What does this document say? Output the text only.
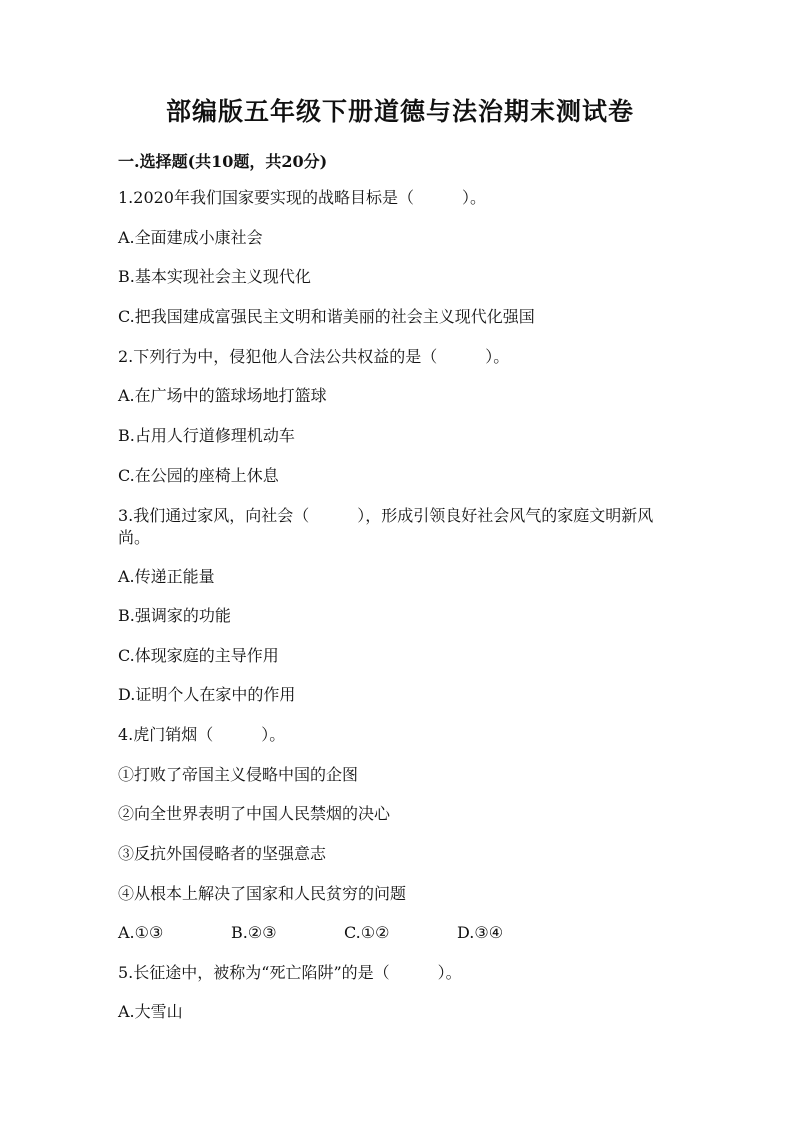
部编版五年级下册道德与法治期末测试卷
一.选择题(共10题，共20分)
1.2020年我们国家要实现的战略目标是（　　　）。
A.全面建成小康社会
B.基本实现社会主义现代化
C.把我国建成富强民主文明和谐美丽的社会主义现代化强国
2.下列行为中，侵犯他人合法公共权益的是（　　　）。
A.在广场中的篮球场地打篮球
B.占用人行道修理机动车
C.在公园的座椅上休息
3.我们通过家风，向社会（　　　），形成引领良好社会风气的家庭文明新风尚。
A.传递正能量
B.强调家的功能
C.体现家庭的主导作用
D.证明个人在家中的作用
4.虎门销烟（　　　）。
①打败了帝国主义侵略中国的企图
②向全世界表明了中国人民禁烟的决心
③反抗外国侵略者的坚强意志
④从根本上解决了国家和人民贫穷的问题
A.①③	B.②③	C.①②	D.③④
5.长征途中，被称为“死亡陷阱”的是（　　　）。
A.大雪山
